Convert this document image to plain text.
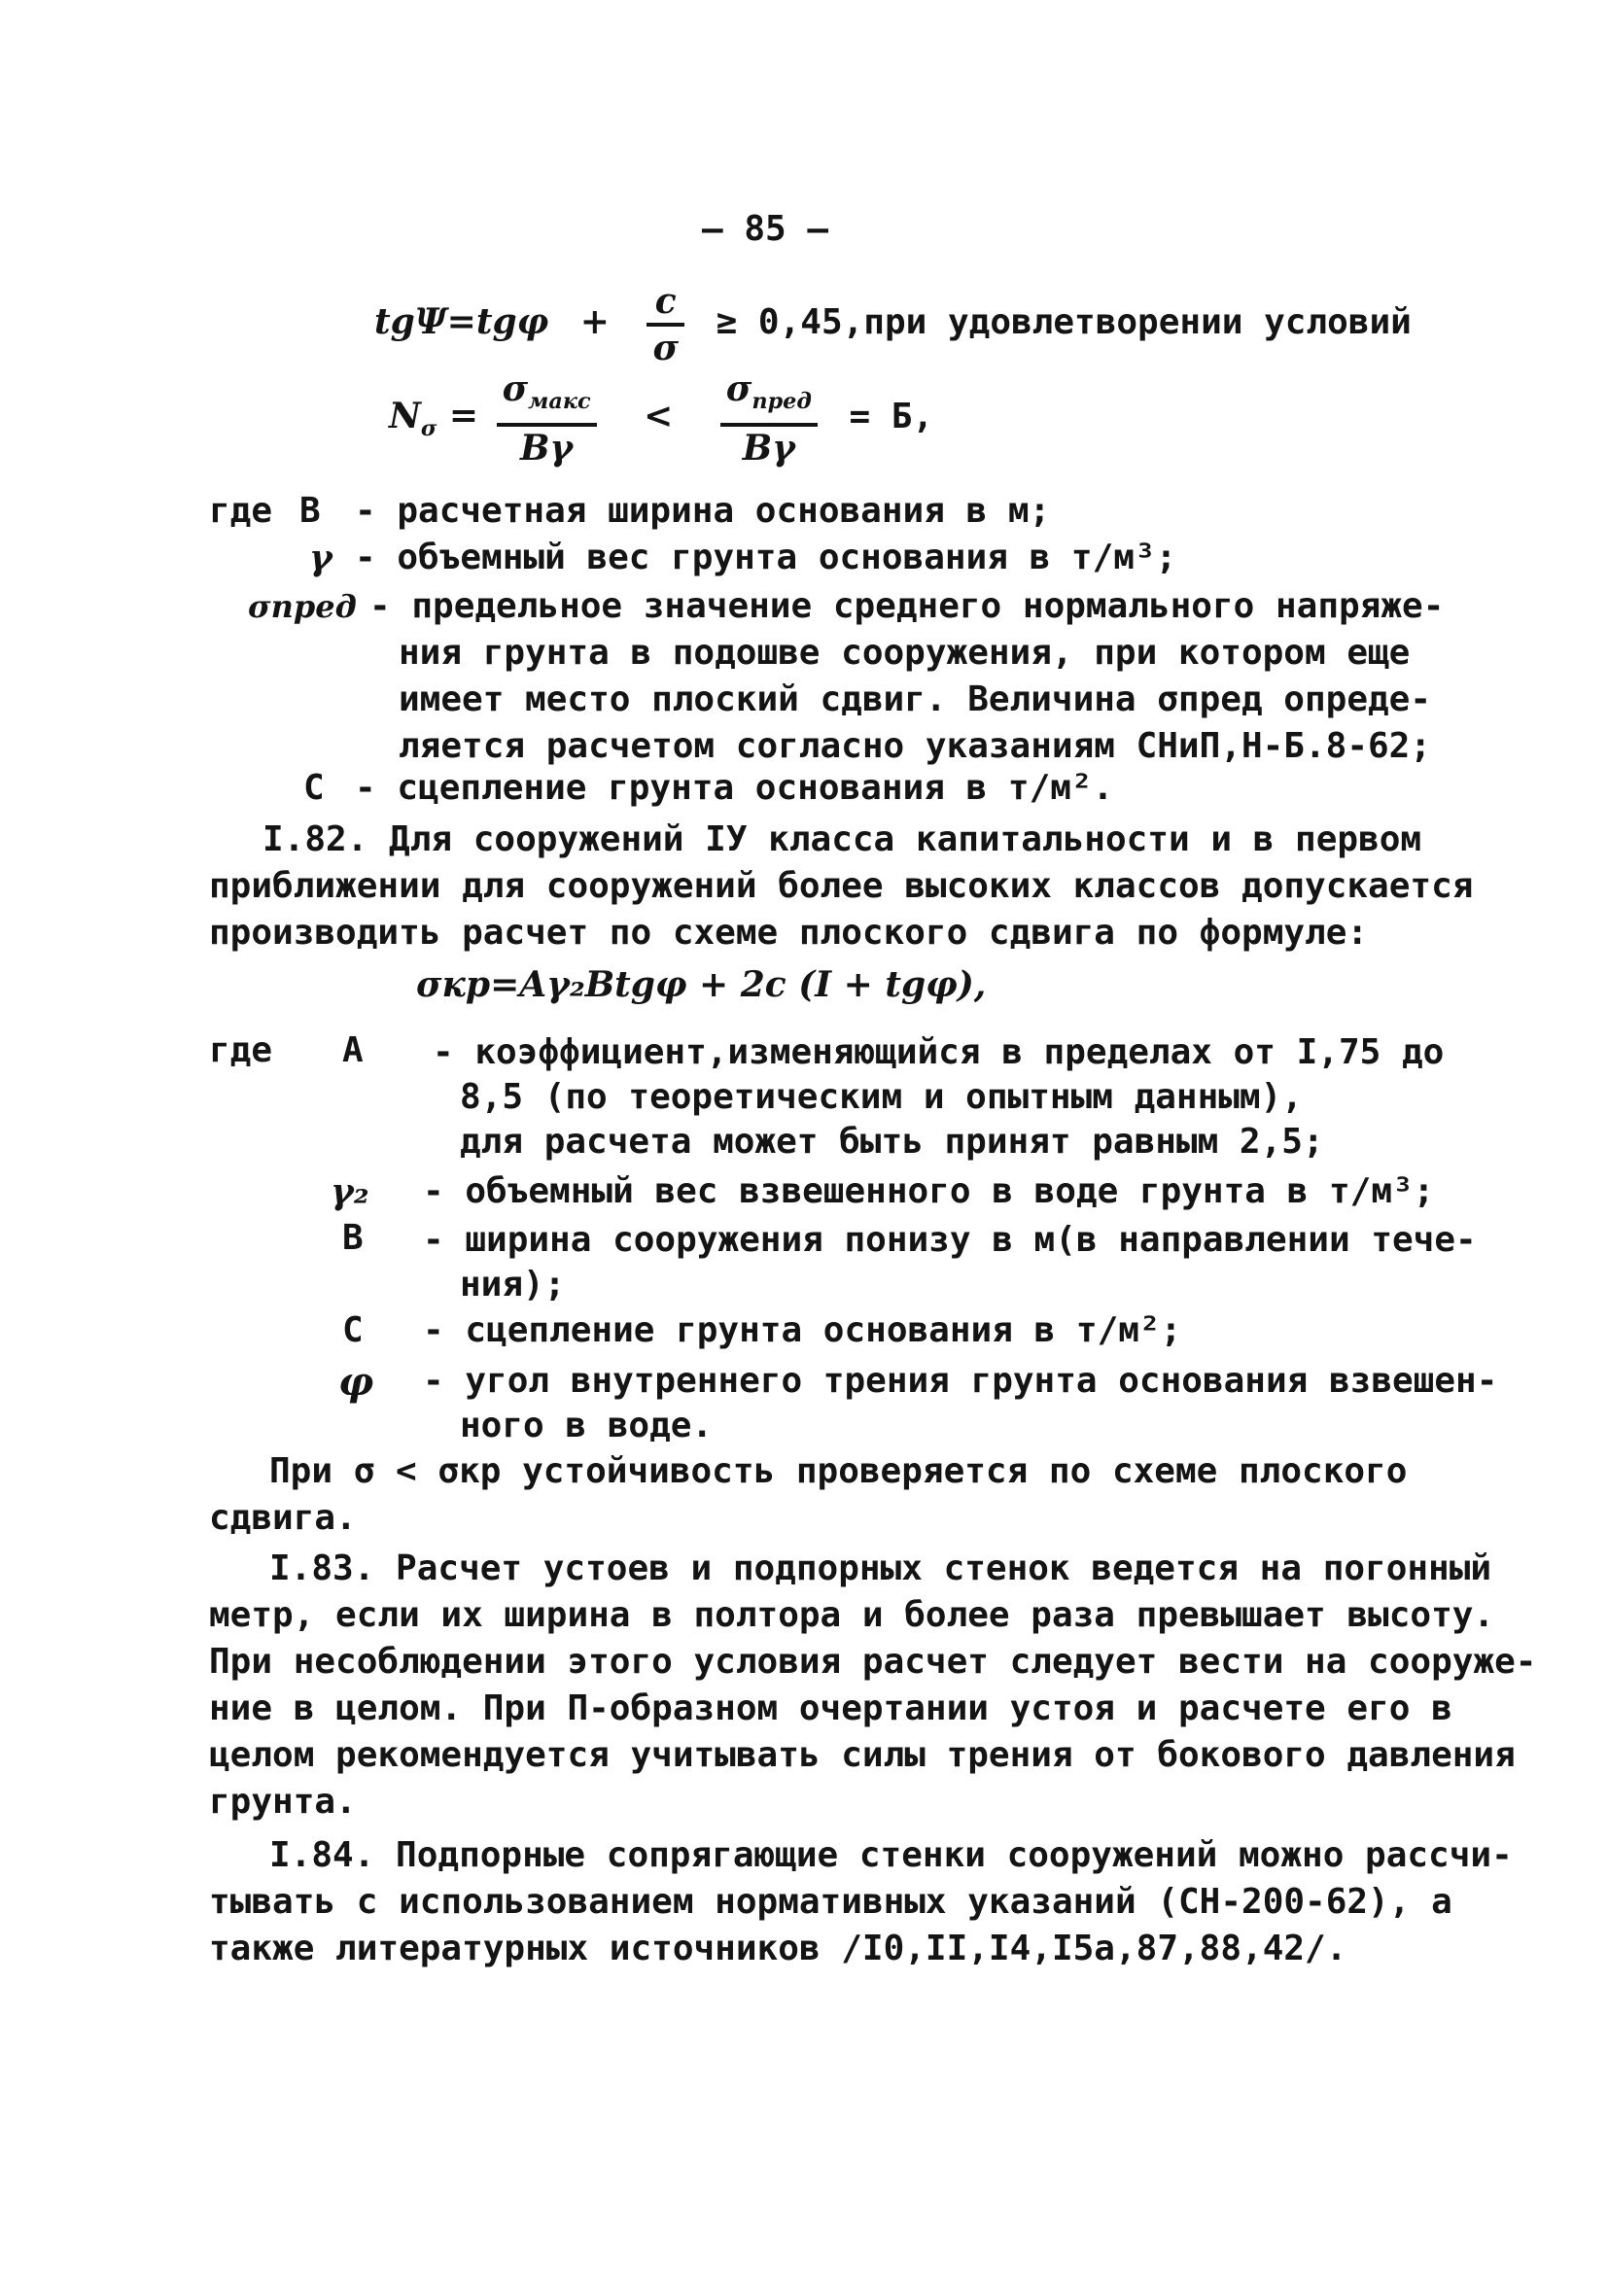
— 85 —
$tg\Psi=tg\varphi + \frac{c}{\sigma} \ge 0,45,при$ удовлетворении условий
$N_\sigma = \frac{\sigma_{макс}}{B\gamma} < \frac{\sigma_{пред}}{B\gamma} = Б$,
где В - расчетная ширина основания в м;
γ - объемный вес грунта основания в т/м³;
σпред - предельное значение среднего нормального напряже-
ния грунта в подошве сооружения, при котором еще
имеет место плоский сдвиг. Величина σпред опреде-
ляется расчетом согласно указаниям СНиП,Н-Б.8-62;
С - сцепление грунта основания в т/м².
I.82. Для сооружений IУ класса капитальности и в первом
приближении для сооружений более высоких классов допускается
производить расчет по схеме плоского сдвига по формуле:
σкр=Aγ₂Btgφ + 2c (I + tgφ),
где A - коэффициент,изменяющийся в пределах от I,75 до
8,5 (по теоретическим и опытным данным),
для расчета может быть принят равным 2,5;
γ₂ - объемный вес взвешенного в воде грунта в т/м³;
В - ширина сооружения понизу в м(в направлении тече-
ния);
С - сцепление грунта основания в т/м²;
φ - угол внутреннего трения грунта основания взвешен-
ного в воде.
При σ < σкр устойчивость проверяется по схеме плоского
сдвига.
I.83. Расчет устоев и подпорных стенок ведется на погонный
метр, если их ширина в полтора и более раза превышает высоту.
При несоблюдении этого условия расчет следует вести на сооруже-
ние в целом. При П-образном очертании устоя и расчете его в
целом рекомендуется учитывать силы трения от бокового давления
грунта.
I.84. Подпорные сопрягающие стенки сооружений можно рассчи-
тывать с использованием нормативных указаний (СН-200-62), а
также литературных источников /I0,II,I4,I5а,87,88,42/.
